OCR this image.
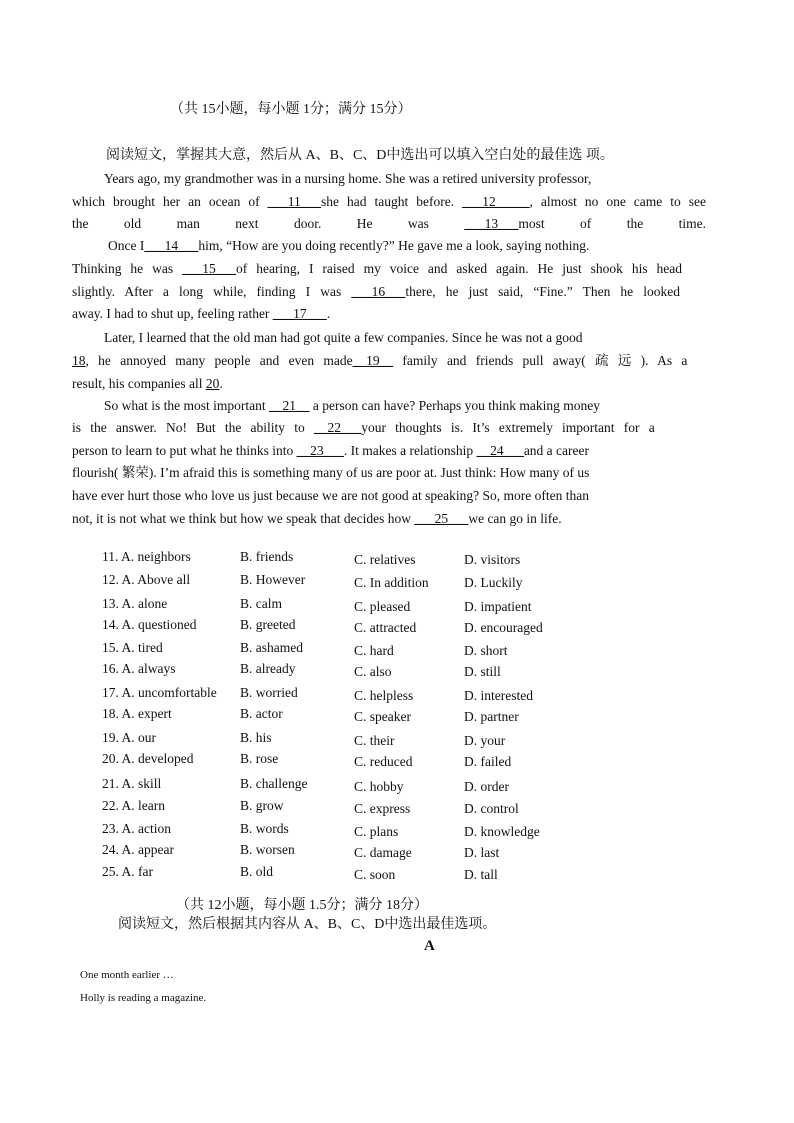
（共 15小题，每小题 1分；满分 15分）
阅读短文，掌握其大意，然后从 A、B、C、D中选出可以填入空白处的最佳选 项。
Years ago, my grandmother was in a nursing home. She was a retired university professor,
which brought her an ocean of ___11___she had taught before. ___12_____, almost no one came to see
the old man next door. He was ___13___most of the time.
Once I___14___him, “How are you doing recently?” He gave me a look, saying nothing.
Thinking he was ___15___of hearing, I raised my voice and asked again. He just shook his head
slightly. After a long while, finding I was ___16___there, he just said, “Fine.” Then he looked
away. I had to shut up, feeling rather ___17___.
Later, I learned that the old man had got quite a few companies. Since he was not a good
18, he annoyed many people and even made__19__ family and friends pull away( 疏 远 ). As a
result, his companies all 20.
So what is the most important __21__ a person can have? Perhaps you think making money
is the answer. No! But the ability to __22___your thoughts is. It’s extremely important for a
person to learn to put what he thinks into __23___. It makes a relationship __24___and a career
flourish( 繁荣). I’m afraid this is something many of us are poor at. Just think: How many of us
have ever hurt those who love us just because we are not good at speaking? So, more often than
not, it is not what we think but how we speak that decides how ___25___we can go in life.
11. A. neighbors	B. friends	C. relatives	D. visitors
12. A. Above all	B. However	C. In addition	D. Luckily
13. A. alone	B. calm	C. pleased	D. impatient
14. A. questioned	B. greeted	C. attracted	D. encouraged
15. A. tired	B. ashamed	C. hard	D. short
16. A. always	B. already	C. also	D. still
17. A. uncomfortable B. worried	C. helpless	D. interested
18. A. expert	B. actor	C. speaker	D. partner
19. A. our	B. his	C. their	D. your
20. A. developed	B. rose	C. reduced	D. failed
21. A. skill	B. challenge	C. hobby	D. order
22. A. learn	B. grow	C. express	D. control
23. A. action	B. words	C. plans	D. knowledge
24. A. appear	B. worsen	C. damage	D. last
25. A. far	B. old	C. soon	D. tall
（共 12小题，每小题 1.5分；满分 18分）
阅读短文，然后根据其内容从 A、B、C、D中选出最佳选项。
A
One month earlier …
Holly is reading a magazine.
